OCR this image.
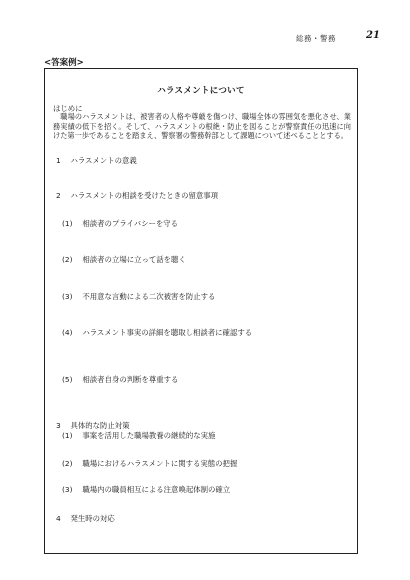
総務・警務	21
<答案例>
ハラスメントについて
はじめに
　職場のハラスメントは、被害者の人格や尊厳を傷つけ、職場全体の雰囲気を悪化させ、業務実績の低下を招く。そして、ハラスメントの根絶・防止を図ることが警察責任の迅速に向けた第一歩であることを踏まえ、警察署の警務幹部として課題について述べることとする。
1　 ハラスメントの意義
2　 ハラスメントの相談を受けたときの留意事項
(1) 相談者のプライバシーを守る
(2) 相談者の立場に立って話を聴く
(3) 不用意な言動による二次被害を防止する
(4) ハラスメント事実の詳細を聴取し相談者に確認する
(5) 相談者自身の判断を尊重する
3　 具体的な防止対策
(1) 事案を活用した職場教養の継続的な実施
(2) 職場におけるハラスメントに関する実態の把握
(3) 職場内の職員相互による注意喚起体制の確立
4　 発生時の対応
